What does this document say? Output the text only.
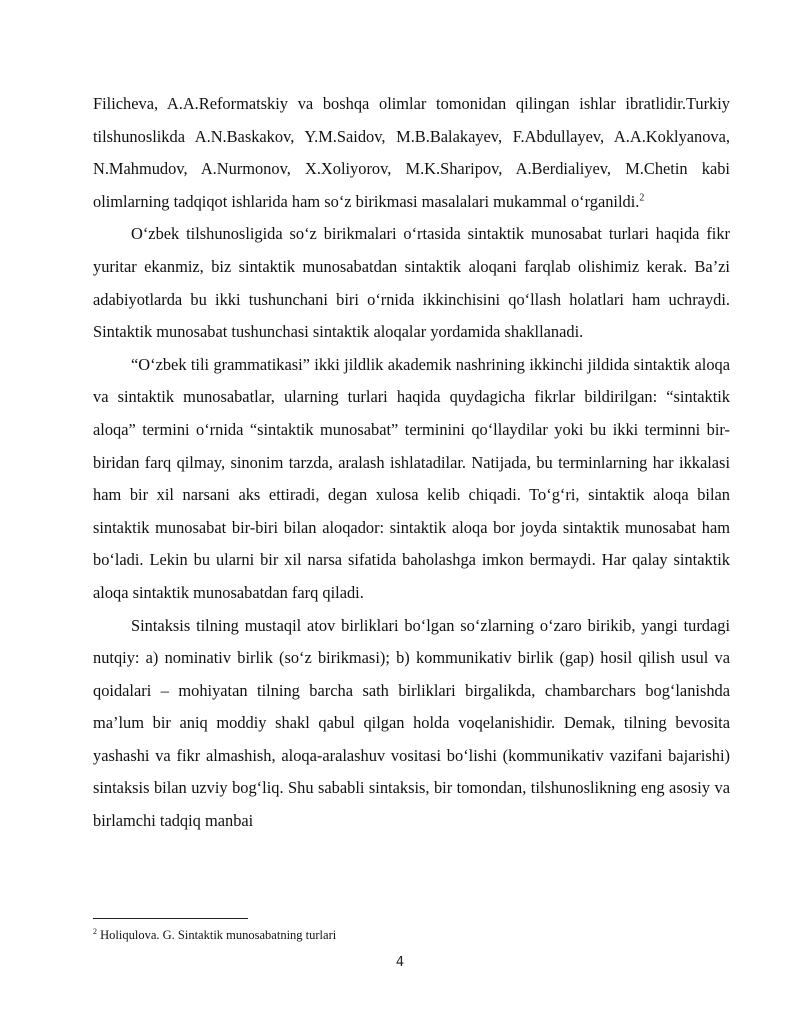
Filicheva, A.A.Reformatskiy va boshqa olimlar tomonidan qilingan ishlar ibratlidir.Turkiy tilshunoslikda A.N.Baskakov, Y.M.Saidov, M.B.Balakayev, F.Abdullayev, A.A.Koklyanova, N.Mahmudov, A.Nurmonov, X.Xoliyorov, M.K.Sharipov, A.Berdialiyev, M.Chetin kabi olimlarning tadqiqot ishlarida ham so‘z birikmasi masalalari mukammal o‘rganildi.$^2$

O‘zbek tilshunosligida so‘z birikmalari o‘rtasida sintaktik munosabat turlari haqida fikr yuritar ekanmiz, biz sintaktik munosabatdan sintaktik aloqani farqlab olishimiz kerak. Ba’zi adabiyotlarda bu ikki tushunchani biri o‘rnida ikkinchisini qo‘llash holatlari ham uchraydi. Sintaktik munosabat tushunchasi sintaktik aloqalar yordamida shakllanadi.

“O‘zbek tili grammatikasi” ikki jildlik akademik nashrining ikkinchi jildida sintaktik aloqa va sintaktik munosabatlar, ularning turlari haqida quydagicha fikrlar bildirilgan: “sintaktik aloqa” termini o‘rnida “sintaktik munosabat” terminini qo‘llaydilar yoki bu ikki terminni bir-biridan farq qilmay, sinonim tarzda, aralash ishlatadilar. Natijada, bu terminlarning har ikkalasi ham bir xil narsani aks ettiradi, degan xulosa kelib chiqadi. To‘g‘ri, sintaktik aloqa bilan sintaktik munosabat bir-biri bilan aloqador: sintaktik aloqa bor joyda sintaktik munosabat ham bo‘ladi. Lekin bu ularni bir xil narsa sifatida baholashga imkon bermaydi. Har qalay sintaktik aloqa sintaktik munosabatdan farq qiladi.

Sintaksis tilning mustaqil atov birliklari bo‘lgan so‘zlarning o‘zaro birikib, yangi turdagi nutqiy: a) nominativ birlik (so‘z birikmasi); b) kommunikativ birlik (gap) hosil qilish usul va qoidalari – mohiyatan tilning barcha sath birliklari birgalikda, chambarchars bog‘lanishda ma’lum bir aniq moddiy shakl qabul qilgan holda voqelanishidir. Demak, tilning bevosita yashashi va fikr almashish, aloqa-aralashuv vositasi bo‘lishi (kommunikativ vazifani bajarishi) sintaksis bilan uzviy bog‘liq. Shu sababli sintaksis, bir tomondan, tilshunoslikning eng asosiy va birlamchi tadqiq manbai

$^2$ Holiqulova. G. Sintaktik munosabatning turlari
4
